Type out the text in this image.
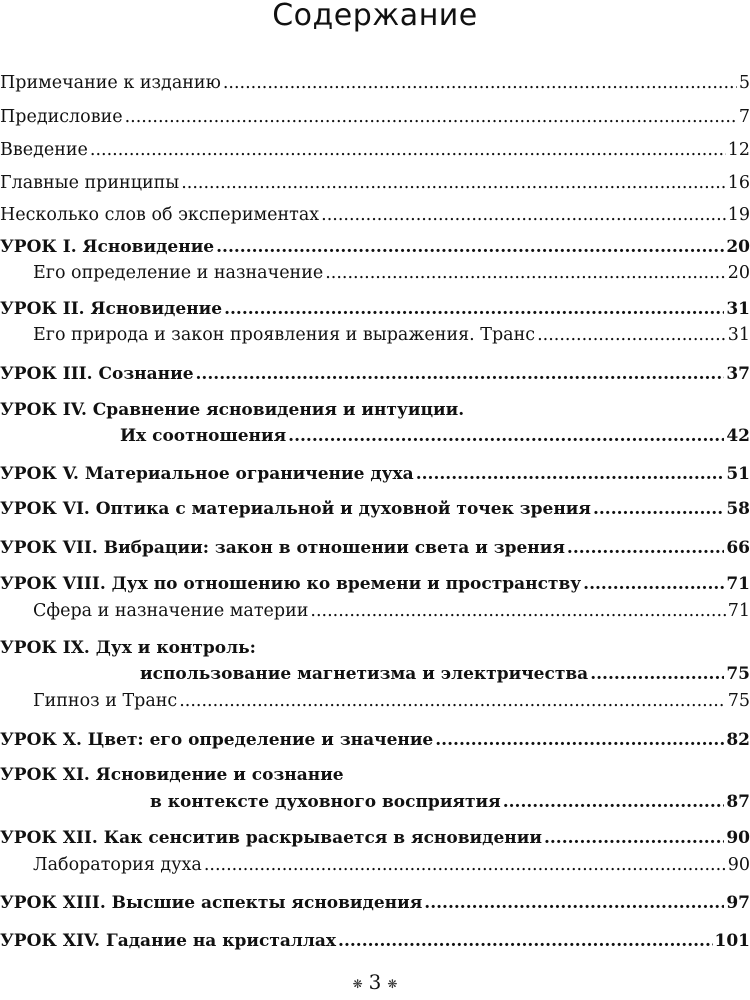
Содержание
Примечание к изданию .....	5
Предисловие .....	7
Введение .....	12
Главные принципы .....	16
Несколько слов об экспериментах .....	19
УРОК I. Ясновидение .....	20
Его определение и назначение .....	20
УРОК II. Ясновидение .....	31
Его природа и закон проявления и выражения. Транс .....	31
УРОК III. Сознание .....	37
УРОК IV. Сравнение ясновидения и интуиции.
Их соотношения .....	42
УРОК V. Материальное ограничение духа .....	51
УРОК VI. Оптика с материальной и духовной точек зрения .....	58
УРОК VII. Вибрации: закон в отношении света и зрения .....	66
УРОК VIII. Дух по отношению ко времени и пространству .....	71
Сфера и назначение материи .....	71
УРОК IX. Дух и контроль:
использование магнетизма и электричества .....	75
Гипноз и Транс .....	75
УРОК X. Цвет: его определение и значение .....	82
УРОК XI. Ясновидение и сознание
в контексте духовного восприятия .....	87
УРОК XII. Как сенситив раскрывается в ясновидении .....	90
Лаборатория духа .....	90
УРОК XIII. Высшие аспекты ясновидения .....	97
УРОК XIV. Гадание на кристаллах .....	101
❋ 3 ❋
